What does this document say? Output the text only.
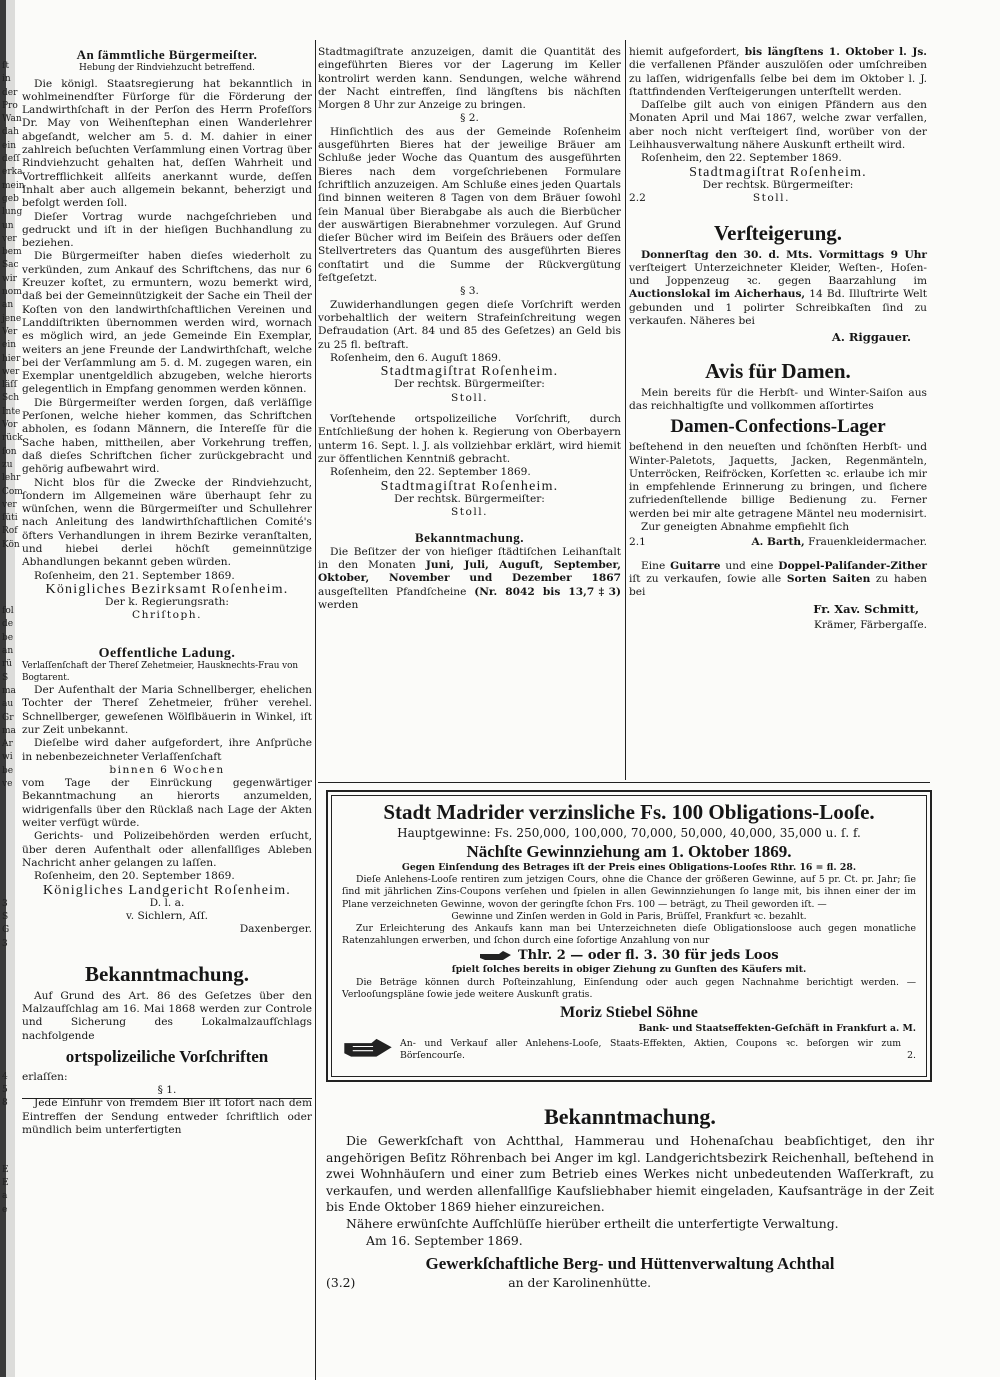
ſt
in
der
Pro
Wan
dah
ein
deſſ
erka
mein
geb
lung
un
ver
bem
Sac
wir
nom
an
jene
Ver
ein
hier
wer
läſſ
Sch
Inte
Vor
rück
ſon
zu
lehr
Com
ver
ſüti
Rof
Kön
fol
de
be
an
rü
S
ma
au
Gr
ma
Ar
wi
be
ve
3
S
G
3
4
5
8
E
E
a
e
An ſämmtliche Bürgermeiſter.
Hebung der Rindviehzucht betreffend.

Die königl. Staatsregierung hat bekanntlich in wohlmeinendſter Fürſorge für die Förderung der Landwirthſchaft in der Perſon des Herrn Profeſſors Dr. May von Weihenſtephan einen Wanderlehrer abgeſandt, welcher am 5. d. M. dahier in einer zahlreich beſuchten Verſammlung einen Vortrag über Rindviehzucht gehalten hat, deſſen Wahrheit und Vortrefflichkeit allſeits anerkannt wurde, deſſen Inhalt aber auch allgemein bekannt, beherzigt und befolgt werden ſoll.

Dieſer Vortrag wurde nachgeſchrieben und gedruckt und iſt in der hieſigen Buchhandlung zu beziehen.

Die Bürgermeiſter haben dieſes wiederholt zu verkünden, zum Ankauf des Schriftchens, das nur 6 Kreuzer koſtet, zu ermuntern, wozu bemerkt wird, daß bei der Gemeinnützigkeit der Sache ein Theil der Koſten von den landwirthſchaftlichen Vereinen und Landdiſtrikten übernommen werden wird, wornach es möglich wird, an jede Gemeinde Ein Exemplar, weiters an jene Freunde der Landwirthſchaft, welche bei der Verſammlung am 5. d. M. zugegen waren, ein Exemplar unentgeldlich abzugeben, welche hierorts gelegentlich in Empfang genommen werden können.

Die Bürgermeiſter werden ſorgen, daß verläſſige Perſonen, welche hieher kommen, das Schriftchen abholen, es ſodann Männern, die Intereſſe für die Sache haben, mittheilen, aber Vorkehrung treffen, daß dieſes Schriftchen ſicher zurückgebracht und gehörig aufbewahrt wird.

Nicht blos für die Zwecke der Rindviehzucht, ſondern im Allgemeinen wäre überhaupt ſehr zu wünſchen, wenn die Bürgermeiſter und Schullehrer nach Anleitung des landwirthſchaftlichen Comité's öfters Verhandlungen in ihrem Bezirke veranſtalten, und hiebei derlei höchſt gemeinnützige Abhandlungen bekannt geben würden.

Roſenheim, den 21. September 1869.

Königliches Bezirksamt Roſenheim.
Der k. Regierungsrath:
Chriſtoph.
Oeffentliche Ladung.
Verlaſſenſchaft der Thereſ Zehetmeier, Hausknechts-Frau von Bogtarent.

Der Aufenthalt der Maria Schnellberger, ehelichen Tochter der Thereſ Zehetmeier, früher verehel. Schnellberger, geweſenen Wölflbäuerin in Winkel, iſt zur Zeit unbekannt.

Dieſelbe wird daher aufgefordert, ihre Anſprüche in nebenbezeichneter Verlaſſenſchaft

binnen 6 Wochen

vom Tage der Einrückung gegenwärtiger Bekanntmachung an hierorts anzumelden, widrigenfalls über den Rücklaß nach Lage der Akten weiter verfügt würde.

Gerichts- und Polizeibehörden werden erſucht, über deren Aufenthalt oder allenfallſiges Ableben Nachricht anher gelangen zu laſſen.

Roſenheim, den 20. September 1869.

Königliches Landgericht Roſenheim.
D. l. a.
v. Sichlern, Aſſ.
Daxenberger.
Bekanntmachung.

Auf Grund des Art. 86 des Geſetzes über den Malzaufſchlag am 16. Mai 1868 werden zur Controle und Sicherung des Lokalmalzaufſchlags nachfolgende

ortspolizeiliche Vorſchriften

erlaſſen:

§ 1.

Jede Einfuhr von fremdem Bier iſt ſofort nach dem Eintreffen der Sendung entweder ſchriftlich oder mündlich beim unterfertigten

Stadtmagiſtrate anzuzeigen, damit die Quantität des eingeführten Bieres vor der Lagerung im Keller kontrolirt werden kann. Sendungen, welche während der Nacht eintreffen, ſind längſtens bis nächſten Morgen 8 Uhr zur Anzeige zu bringen.

§ 2.

Hinſichtlich des aus der Gemeinde Roſenheim ausgeführten Bieres hat der jeweilige Bräuer am Schluße jeder Woche das Quantum des ausgeführten Bieres nach dem vorgeſchriebenen Formulare ſchriftlich anzuzeigen. Am Schluße eines jeden Quartals ſind binnen weiteren 8 Tagen von dem Bräuer ſowohl ſein Manual über Bierabgabe als auch die Bierbücher der auswärtigen Bierabnehmer vorzulegen. Auf Grund dieſer Bücher wird im Beiſein des Bräuers oder deſſen Stellvertreters das Quantum des ausgeführten Bieres conſtatirt und die Summe der Rückvergütung feſtgeſetzt.

§ 3.

Zuwiderhandlungen gegen dieſe Vorſchrift werden vorbehaltlich der weitern Strafeinſchreitung wegen Defraudation (Art. 84 und 85 des Geſetzes) an Geld bis zu 25 fl. beſtraft.

Roſenheim, den 6. Auguſt 1869.

Stadtmagiſtrat Roſenheim.
Der rechtsk. Bürgermeiſter:
Stoll.

Vorſtehende ortspolizeiliche Vorſchrift, durch Entſchließung der hohen k. Regierung von Oberbayern unterm 16. Sept. l. J. als vollziehbar erklärt, wird hiemit zur öffentlichen Kenntniß gebracht.

Roſenheim, den 22. September 1869.

Stadtmagiſtrat Roſenheim.
Der rechtsk. Bürgermeiſter:
Stoll.
Bekanntmachung.

Die Beſitzer der von hieſiger ſtädtiſchen Leihanſtalt in den Monaten Juni, Juli, Auguſt, September, Oktober, November und Dezember 1867 ausgeſtellten Pfandſcheine (Nr. 8042 bis 13,7‡3) werden

hiemit aufgefordert, bis längſtens 1. Oktober l. Js. die verfallenen Pfänder auszulöſen oder umſchreiben zu laſſen, widrigenfalls ſelbe bei dem im Oktober l. J. ſtattfindenden Verſteigerungen unterſtellt werden.

Daſſelbe gilt auch von einigen Pfändern aus den Monaten April und Mai 1867, welche zwar verfallen, aber noch nicht verſteigert ſind, worüber von der Leihhausverwaltung nähere Auskunft ertheilt wird.

Roſenheim, den 22. September 1869.

Stadtmagiſtrat Roſenheim.
Der rechtsk. Bürgermeiſter:
2.2	Stoll.
Verſteigerung.

Donnerſtag den 30. d. Mts. Vormittags 9 Uhr verſteigert Unterzeichneter Kleider, Weſten-, Hoſen- und Joppenzeug ꝛc. gegen Baarzahlung im Auctionslokal im Aicherhaus, 14 Bd. Illuſtrirte Welt gebunden und 1 polirter Schreibkaſten ſind zu verkaufen. Näheres bei

A. Riggauer.
Avis für Damen.

Mein bereits für die Herbſt- und Winter-Saiſon aus das reichhaltigſte und vollkommen aſſortirtes

Damen-Confections-Lager

beſtehend in den neueſten und ſchönſten Herbſt- und Winter-Paletots, Jaquetts, Jacken, Regenmänteln, Unterröcken, Reifröcken, Korſetten ꝛc. erlaube ich mir in empfehlende Erinnerung zu bringen, und ſichere zufriedenſtellende billige Bedienung zu. Ferner werden bei mir alte getragene Mäntel neu modernisirt.

Zur geneigten Abnahme empfiehlt ſich

2.1	A. Barth, Frauenkleidermacher.

Eine Guitarre und eine Doppel-Paliſander-Zither iſt zu verkaufen, ſowie alle Sorten Saiten zu haben bei

Fr. Xav. Schmitt,
Krämer, Färbergaſſe.
Stadt Madrider verzinsliche Fs. 100 Obligations-Looſe.
Hauptgewinne: Fs. 250,000, 100,000, 70,000, 50,000, 40,000, 35,000 u. ſ. f.
Nächſte Gewinnziehung am 1. Oktober 1869.
Gegen Einſendung des Betrages iſt der Preis eines Obligations-Looſes Rthr. 16 = fl. 28.
Dieſe Anlehens-Looſe rentiren zum jetzigen Cours, ohne die Chance der größeren Gewinne, auf 5 pr. Ct. pr. Jahr; ſie ſind mit jährlichen Zins-Coupons verſehen und ſpielen in allen Gewinnziehungen ſo lange mit, bis ihnen einer der im Plane verzeichneten Gewinne, wovon der geringſte ſchon Frs. 100 — beträgt, zu Theil geworden iſt. —
Gewinne und Zinſen werden in Gold in Paris, Brüſſel, Frankfurt ꝛc. bezahlt.
Zur Erleichterung des Ankaufs kann man bei Unterzeichneten dieſe Obligationsloose auch gegen monatliche Ratenzahlungen erwerben, und ſchon durch eine ſofortige Anzahlung von nur
Thlr. 2 — oder fl. 3. 30 für jeds Loos
ſpielt ſolches bereits in obiger Ziehung zu Gunſten des Käufers mit.
Die Beträge können durch Poſteinzahlung, Einſendung oder auch gegen Nachnahme berichtigt werden. — Verlooſungspläne ſowie jede weitere Auskunft gratis.
Moriz Stiebel Söhne
Bank- und Staatseffekten-Geſchäft in Frankfurt a. M.
An- und Verkauf aller Anlehens-Looſe, Staats-Effekten, Aktien, Coupons ꝛc. beſorgen wir zum Börſencourſe.	2.
Bekanntmachung.

Die Gewerkſchaft von Achtthal, Hammerau und Hohenaſchau beabſichtiget, den ihr angehörigen Beſitz Röhrenbach bei Anger im kgl. Landgerichtsbezirk Reichenhall, beſtehend in zwei Wohnhäuſern und einer zum Betrieb eines Werkes nicht unbedeutenden Waſſerkraft, zu verkaufen, und werden allenfallſige Kaufsliebhaber hiemit eingeladen, Kaufsanträge in der Zeit bis Ende Oktober 1869 hieher einzureichen.

Nähere erwünſchte Aufſchlüſſe hierüber ertheilt die unterfertigte Verwaltung.

Am 16. September 1869.

Gewerkſchaftliche Berg- und Hüttenverwaltung Achthal
(3.2)	an der Karolinenhütte.
